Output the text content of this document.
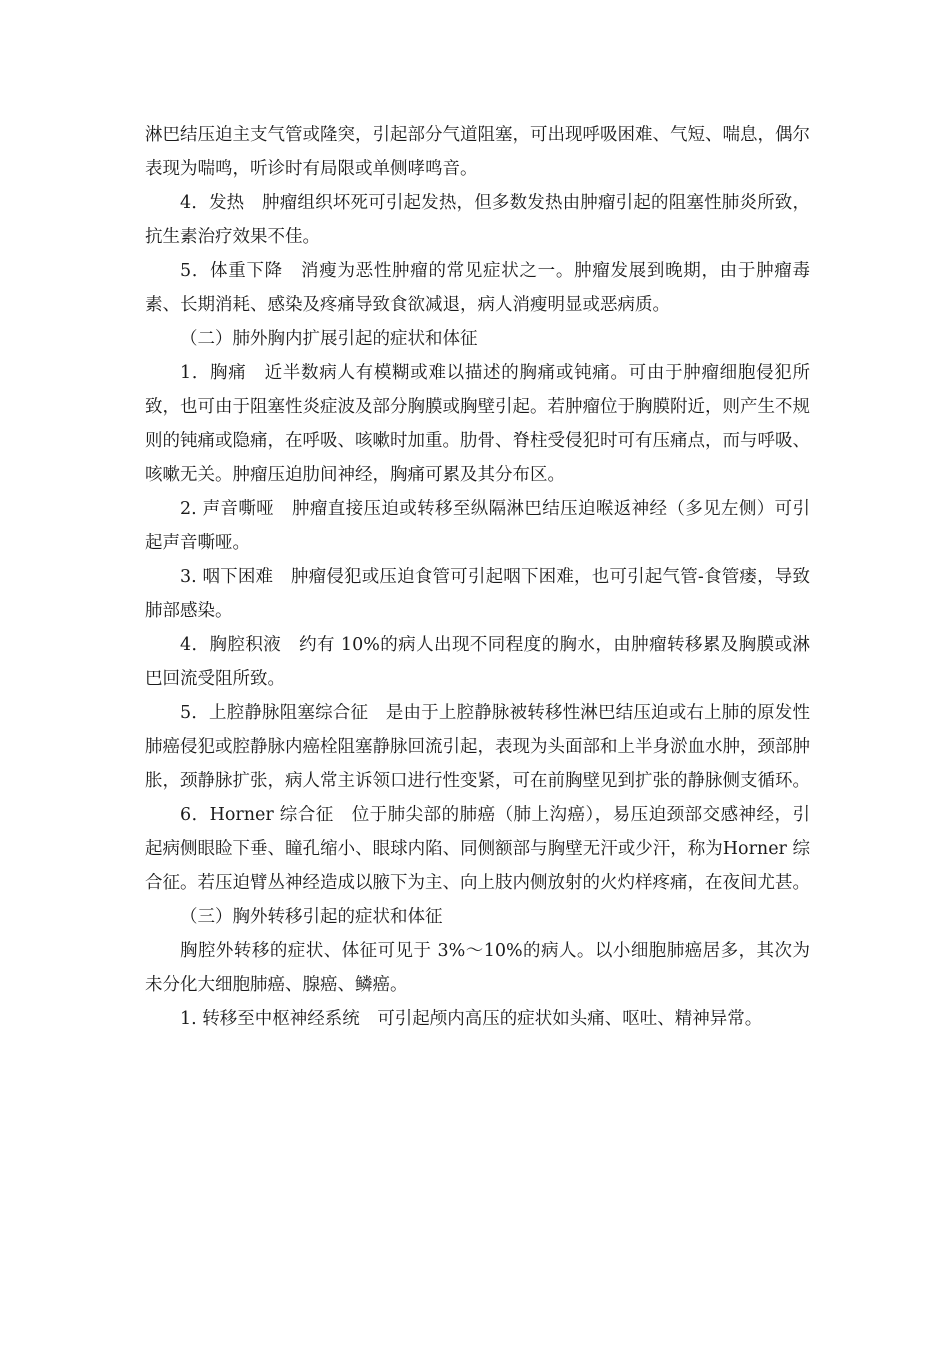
淋巴结压迫主支气管或隆突，引起部分气道阻塞，可出现呼吸困难、气短、喘息，偶尔表现为喘鸣，听诊时有局限或单侧哮鸣音。

4．发热　肿瘤组织坏死可引起发热，但多数发热由肿瘤引起的阻塞性肺炎所致，抗生素治疗效果不佳。

5．体重下降　消瘦为恶性肿瘤的常见症状之一。肿瘤发展到晚期，由于肿瘤毒素、长期消耗、感染及疼痛导致食欲减退，病人消瘦明显或恶病质。

（二）肺外胸内扩展引起的症状和体征

1．胸痛　近半数病人有模糊或难以描述的胸痛或钝痛。可由于肿瘤细胞侵犯所致，也可由于阻塞性炎症波及部分胸膜或胸壁引起。若肿瘤位于胸膜附近，则产生不规则的钝痛或隐痛，在呼吸、咳嗽时加重。肋骨、脊柱受侵犯时可有压痛点，而与呼吸、咳嗽无关。肿瘤压迫肋间神经，胸痛可累及其分布区。

2. 声音嘶哑　肿瘤直接压迫或转移至纵隔淋巴结压迫喉返神经（多见左侧）可引起声音嘶哑。

3. 咽下困难　肿瘤侵犯或压迫食管可引起咽下困难，也可引起气管-食管瘘，导致肺部感染。

4．胸腔积液　约有 10%的病人出现不同程度的胸水，由肿瘤转移累及胸膜或淋巴回流受阻所致。

5．上腔静脉阻塞综合征　是由于上腔静脉被转移性淋巴结压迫或右上肺的原发性肺癌侵犯或腔静脉内癌栓阻塞静脉回流引起，表现为头面部和上半身淤血水肿，颈部肿胀，颈静脉扩张，病人常主诉领口进行性变紧，可在前胸壁见到扩张的静脉侧支循环。

6．Horner 综合征　位于肺尖部的肺癌（肺上沟癌），易压迫颈部交感神经，引起病侧眼睑下垂、瞳孔缩小、眼球内陷、同侧额部与胸壁无汗或少汗，称为Horner 综合征。若压迫臂丛神经造成以腋下为主、向上肢内侧放射的火灼样疼痛，在夜间尤甚。

（三）胸外转移引起的症状和体征

胸腔外转移的症状、体征可见于 3%～10%的病人。以小细胞肺癌居多，其次为未分化大细胞肺癌、腺癌、鳞癌。

1. 转移至中枢神经系统　可引起颅内高压的症状如头痛、呕吐、精神异常。
